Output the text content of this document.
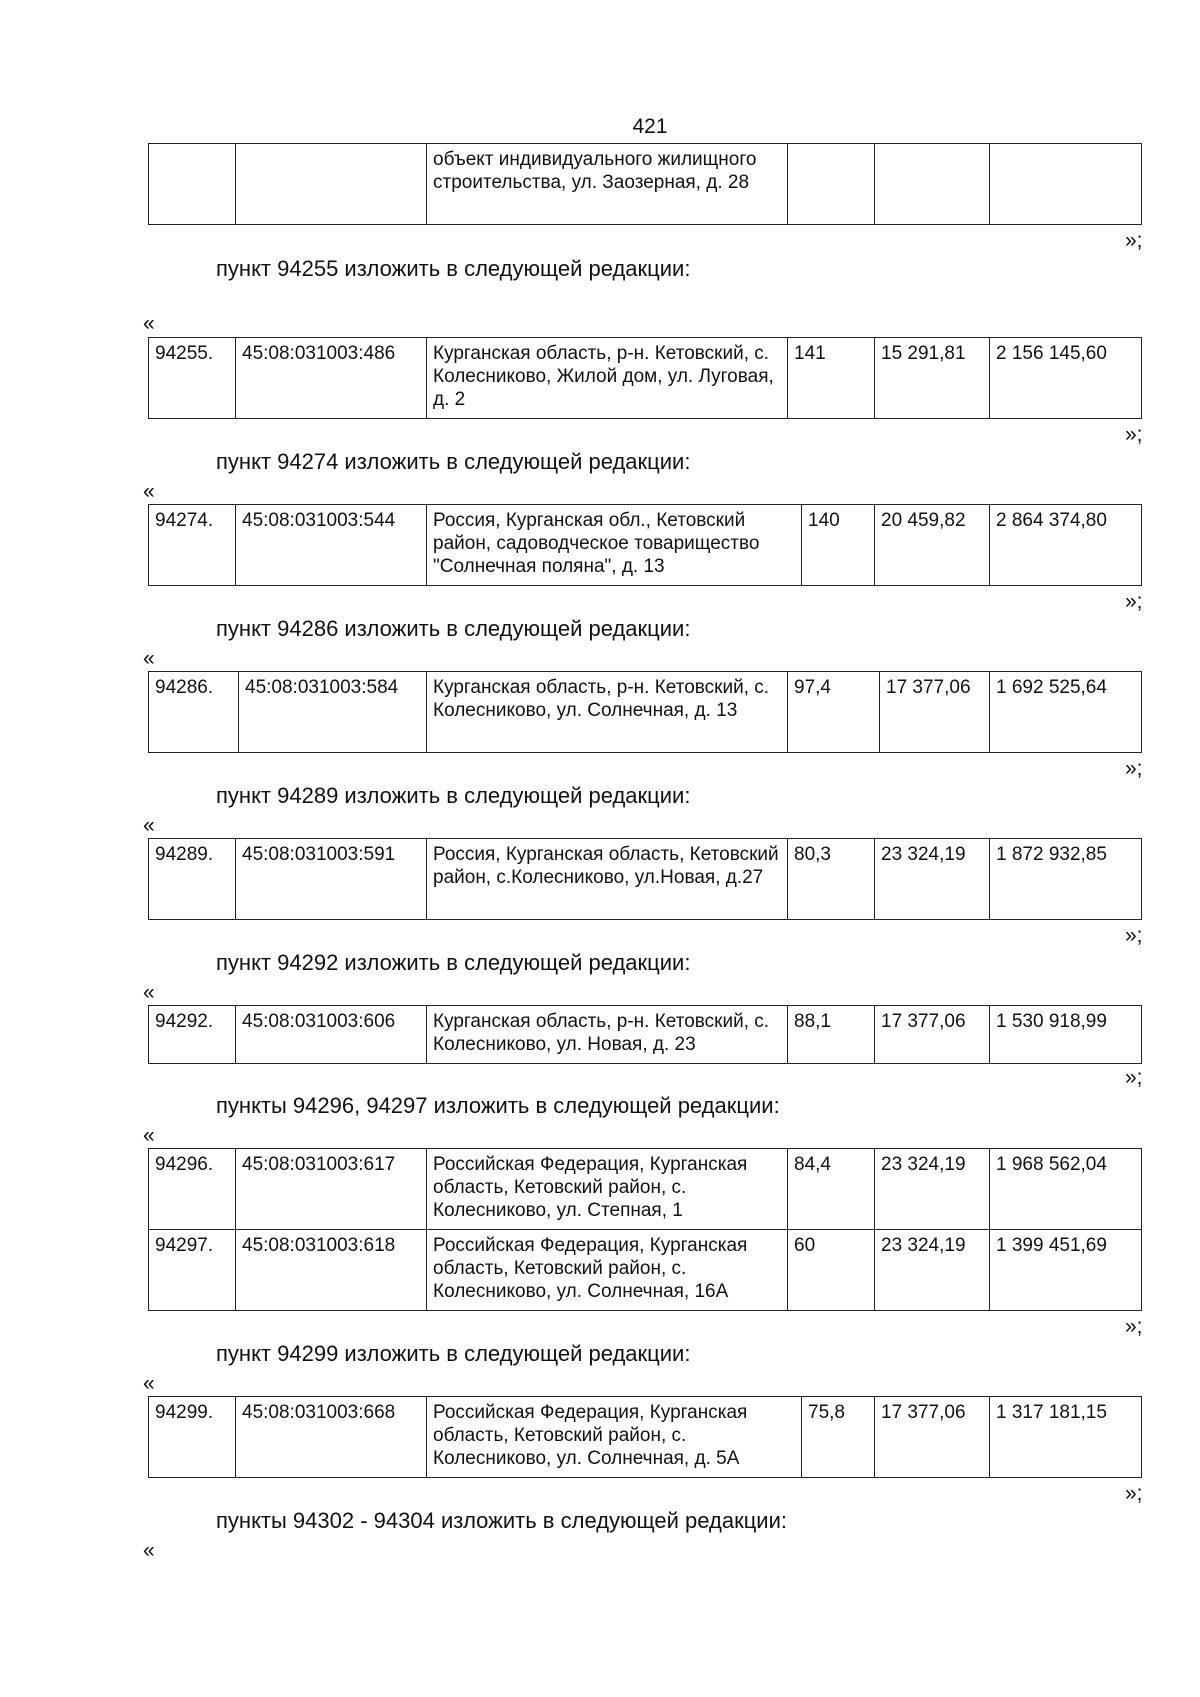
421
		объект индивидуального жилищного строительства, ул. Заозерная, д. 28			
»;
пункт 94255 изложить в следующей редакции:
«
94255.	45:08:031003:486	Курганская область, р-н. Кетовский, с. Колесниково, Жилой дом, ул. Луговая, д. 2	141	15 291,81	2 156 145,60
»;
пункт 94274 изложить в следующей редакции:
«
94274.	45:08:031003:544	Россия, Курганская обл., Кетовский район, садоводческое товарищество "Солнечная поляна", д. 13	140	20 459,82	2 864 374,80
»;
пункт 94286 изложить в следующей редакции:
«
94286.	45:08:031003:584	Курганская область, р-н. Кетовский, с. Колесниково, ул. Солнечная, д. 13	97,4	17 377,06	1 692 525,64
»;
пункт 94289 изложить в следующей редакции:
«
94289.	45:08:031003:591	Россия, Курганская область, Кетовский район, с.Колесниково, ул.Новая, д.27	80,3	23 324,19	1 872 932,85
»;
пункт 94292 изложить в следующей редакции:
«
94292.	45:08:031003:606	Курганская область, р-н. Кетовский, с. Колесниково, ул. Новая, д. 23	88,1	17 377,06	1 530 918,99
»;
пункты 94296, 94297 изложить в следующей редакции:
«
94296.	45:08:031003:617	Российская Федерация, Курганская область, Кетовский район, с. Колесниково, ул. Степная, 1	84,4	23 324,19	1 968 562,04
94297.	45:08:031003:618	Российская Федерация, Курганская область, Кетовский район, с. Колесниково, ул. Солнечная, 16А	60	23 324,19	1 399 451,69
»;
пункт 94299 изложить в следующей редакции:
«
94299.	45:08:031003:668	Российская Федерация, Курганская область, Кетовский район, с. Колесниково, ул. Солнечная, д. 5А	75,8	17 377,06	1 317 181,15
»;
пункты 94302 - 94304 изложить в следующей редакции:
«
